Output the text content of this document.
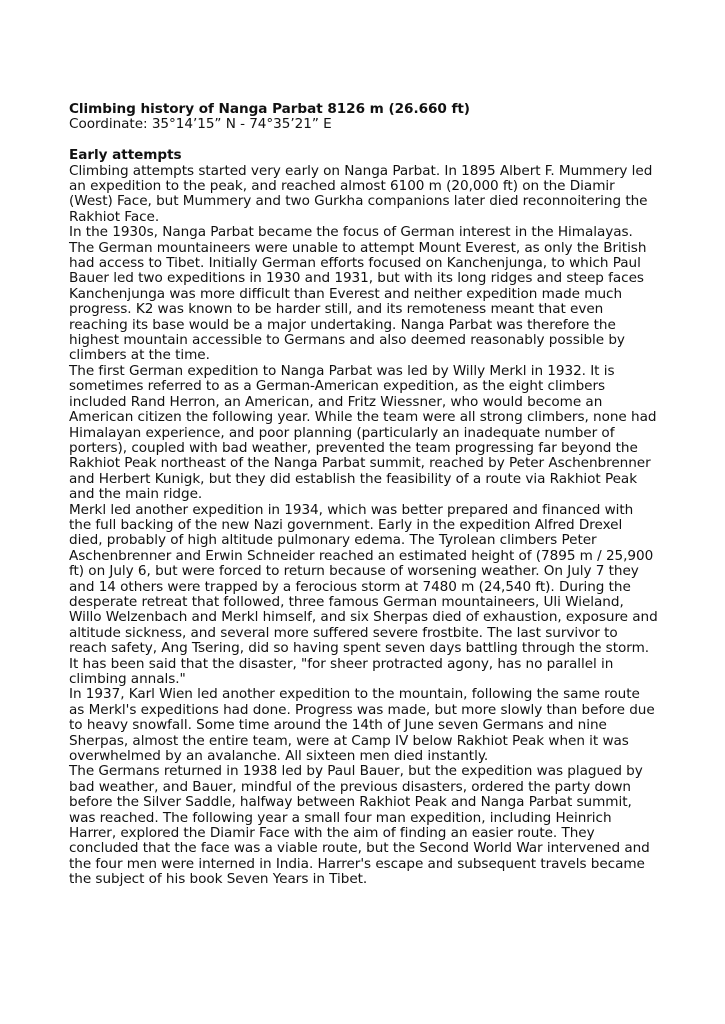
Climbing history of Nanga Parbat 8126 m (26.660 ft)

Coordinate: 35°14’15” N - 74°35’21” E

Early attempts

Climbing attempts started very early on Nanga Parbat. In 1895 Albert F. Mummery led an expedition to the peak, and reached almost 6100 m (20,000 ft) on the Diamir (West) Face, but Mummery and two Gurkha companions later died reconnoitering the Rakhiot Face.

In the 1930s, Nanga Parbat became the focus of German interest in the Himalayas. The German mountaineers were unable to attempt Mount Everest, as only the British had access to Tibet. Initially German efforts focused on Kanchenjunga, to which Paul Bauer led two expeditions in 1930 and 1931, but with its long ridges and steep faces Kanchenjunga was more difficult than Everest and neither expedition made much progress. K2 was known to be harder still, and its remoteness meant that even reaching its base would be a major undertaking. Nanga Parbat was therefore the highest mountain accessible to Germans and also deemed reasonably possible by climbers at the time.

The first German expedition to Nanga Parbat was led by Willy Merkl in 1932. It is sometimes referred to as a German-American expedition, as the eight climbers included Rand Herron, an American, and Fritz Wiessner, who would become an American citizen the following year. While the team were all strong climbers, none had Himalayan experience, and poor planning (particularly an inadequate number of porters), coupled with bad weather, prevented the team progressing far beyond the Rakhiot Peak northeast of the Nanga Parbat summit, reached by Peter Aschenbrenner and Herbert Kunigk, but they did establish the feasibility of a route via Rakhiot Peak and the main ridge.

Merkl led another expedition in 1934, which was better prepared and financed with the full backing of the new Nazi government. Early in the expedition Alfred Drexel died, probably of high altitude pulmonary edema. The Tyrolean climbers Peter Aschenbrenner and Erwin Schneider reached an estimated height of (7895 m / 25,900 ft) on July 6, but were forced to return because of worsening weather. On July 7 they and 14 others were trapped by a ferocious storm at 7480 m (24,540 ft). During the desperate retreat that followed, three famous German mountaineers, Uli Wieland, Willo Welzenbach and Merkl himself, and six Sherpas died of exhaustion, exposure and altitude sickness, and several more suffered severe frostbite. The last survivor to reach safety, Ang Tsering, did so having spent seven days battling through the storm. It has been said that the disaster, "for sheer protracted agony, has no parallel in climbing annals."

In 1937, Karl Wien led another expedition to the mountain, following the same route as Merkl's expeditions had done. Progress was made, but more slowly than before due to heavy snowfall. Some time around the 14th of June seven Germans and nine Sherpas, almost the entire team, were at Camp IV below Rakhiot Peak when it was overwhelmed by an avalanche. All sixteen men died instantly.

The Germans returned in 1938 led by Paul Bauer, but the expedition was plagued by bad weather, and Bauer, mindful of the previous disasters, ordered the party down before the Silver Saddle, halfway between Rakhiot Peak and Nanga Parbat summit, was reached. The following year a small four man expedition, including Heinrich Harrer, explored the Diamir Face with the aim of finding an easier route. They concluded that the face was a viable route, but the Second World War intervened and the four men were interned in India. Harrer's escape and subsequent travels became the subject of his book Seven Years in Tibet.
